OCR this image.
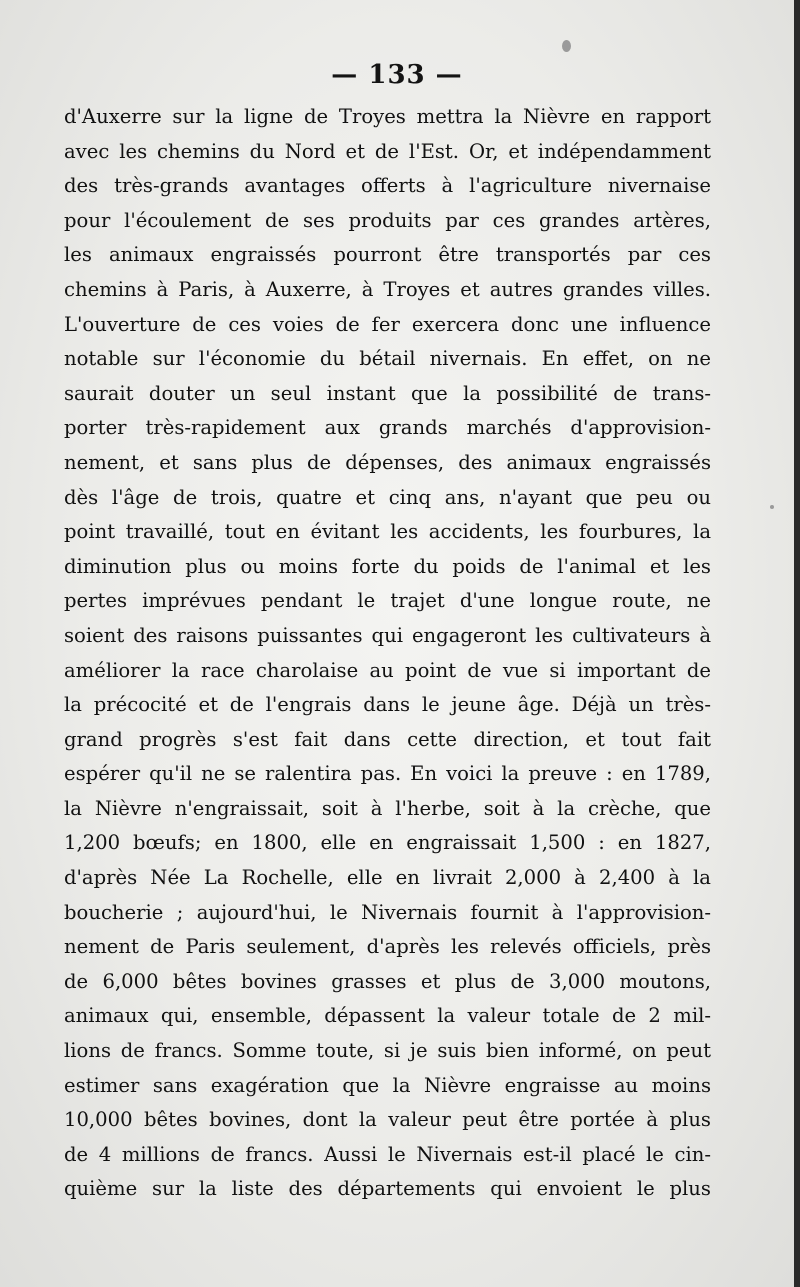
— 133 —
d'Auxerre sur la ligne de Troyes mettra la Nièvre en rapport
avec les chemins du Nord et de l'Est. Or, et indépendamment
des très-grands avantages offerts à l'agriculture nivernaise
pour l'écoulement de ses produits par ces grandes artères,
les animaux engraissés pourront être transportés par ces
chemins à Paris, à Auxerre, à Troyes et autres grandes villes.
L'ouverture de ces voies de fer exercera donc une influence
notable sur l'économie du bétail nivernais. En effet, on ne
saurait douter un seul instant que la possibilité de trans-
porter très-rapidement aux grands marchés d'approvision-
nement, et sans plus de dépenses, des animaux engraissés
dès l'âge de trois, quatre et cinq ans, n'ayant que peu ou
point travaillé, tout en évitant les accidents, les fourbures, la
diminution plus ou moins forte du poids de l'animal et les
pertes imprévues pendant le trajet d'une longue route, ne
soient des raisons puissantes qui engageront les cultivateurs à
améliorer la race charolaise au point de vue si important de
la précocité et de l'engrais dans le jeune âge. Déjà un très-
grand progrès s'est fait dans cette direction, et tout fait
espérer qu'il ne se ralentira pas. En voici la preuve : en 1789,
la Nièvre n'engraissait, soit à l'herbe, soit à la crèche, que
1,200 bœufs; en 1800, elle en engraissait 1,500 : en 1827,
d'après Née La Rochelle, elle en livrait 2,000 à 2,400 à la
boucherie ; aujourd'hui, le Nivernais fournit à l'approvision-
nement de Paris seulement, d'après les relevés officiels, près
de 6,000 bêtes bovines grasses et plus de 3,000 moutons,
animaux qui, ensemble, dépassent la valeur totale de 2 mil-
lions de francs. Somme toute, si je suis bien informé, on peut
estimer sans exagération que la Nièvre engraisse au moins
10,000 bêtes bovines, dont la valeur peut être portée à plus
de 4 millions de francs. Aussi le Nivernais est-il placé le cin-
quième sur la liste des départements qui envoient le plus
